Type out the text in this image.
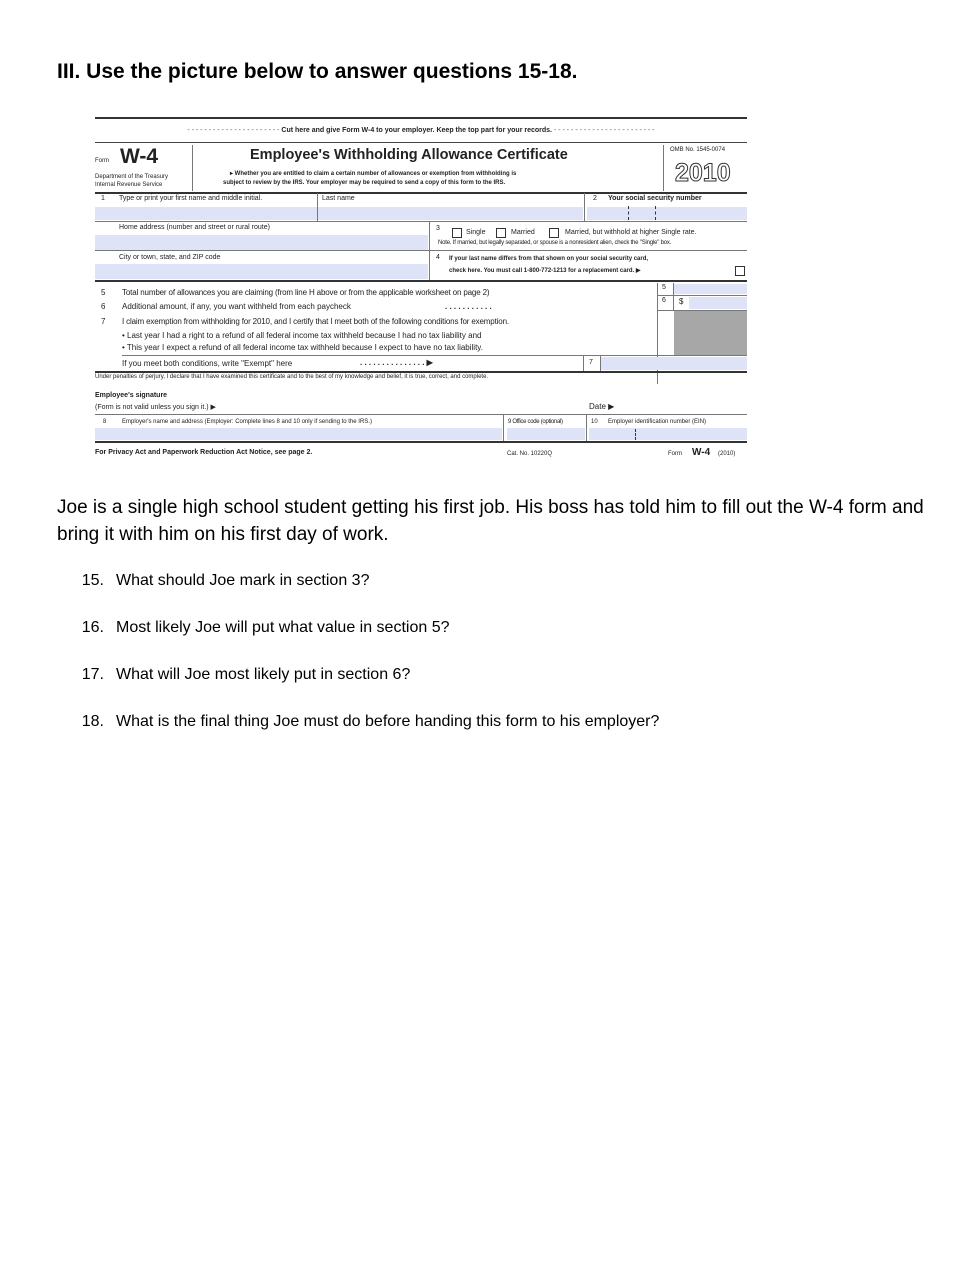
III. Use the picture below to answer questions 15-18.
- - - - - - - - - - - - - - - - - - - - - - Cut here and give Form W-4 to your employer. Keep the top part for your records. - - - - - - - - - - - - - - - - - - - - - - - -
Form W-4
Department of the Treasury
Internal Revenue Service
Employee's Withholding Allowance Certificate
▸ Whether you are entitled to claim a certain number of allowances or exemption from withholding is
subject to review by the IRS. Your employer may be required to send a copy of this form to the IRS.
OMB No. 1545-0074
2010
1 Type or print your first name and middle initial.	Last name	2 Your social security number
Home address (number and street or rural route)	3
Single	Married	Married, but withhold at higher Single rate.
Note. If married, but legally separated, or spouse is a nonresident alien, check the "Single" box.
City or town, state, and ZIP code	4 If your last name differs from that shown on your social security card,
check here. You must call 1-800-772-1213 for a replacement card. ▶
5 Total number of allowances you are claiming (from line H above or from the applicable worksheet on page 2)
5
6 Additional amount, if any, you want withheld from each paycheck	. . . . . . . . . . .
6 $
7 I claim exemption from withholding for 2010, and I certify that I meet both of the following conditions for exemption.
• Last year I had a right to a refund of all federal income tax withheld because I had no tax liability and
• This year I expect a refund of all federal income tax withheld because I expect to have no tax liability.
If you meet both conditions, write "Exempt" here	. . . . . . . . . . . . . . . ▶	7
Under penalties of perjury, I declare that I have examined this certificate and to the best of my knowledge and belief, it is true, correct, and complete.
Employee's signature
(Form is not valid unless you sign it.) ▶	Date ▶
8	Employer's name and address (Employer: Complete lines 8 and 10 only if sending to the IRS.)	9 Office code (optional)	10 Employer identification number (EIN)
For Privacy Act and Paperwork Reduction Act Notice, see page 2.	Cat. No. 10220Q	Form W-4 (2010)
Joe is a single high school student getting his first job. His boss has told him to fill out the W-4 form and bring it with him on his first day of work.
15. What should Joe mark in section 3?
16. Most likely Joe will put what value in section 5?
17. What will Joe most likely put in section 6?
18. What is the final thing Joe must do before handing this form to his employer?
